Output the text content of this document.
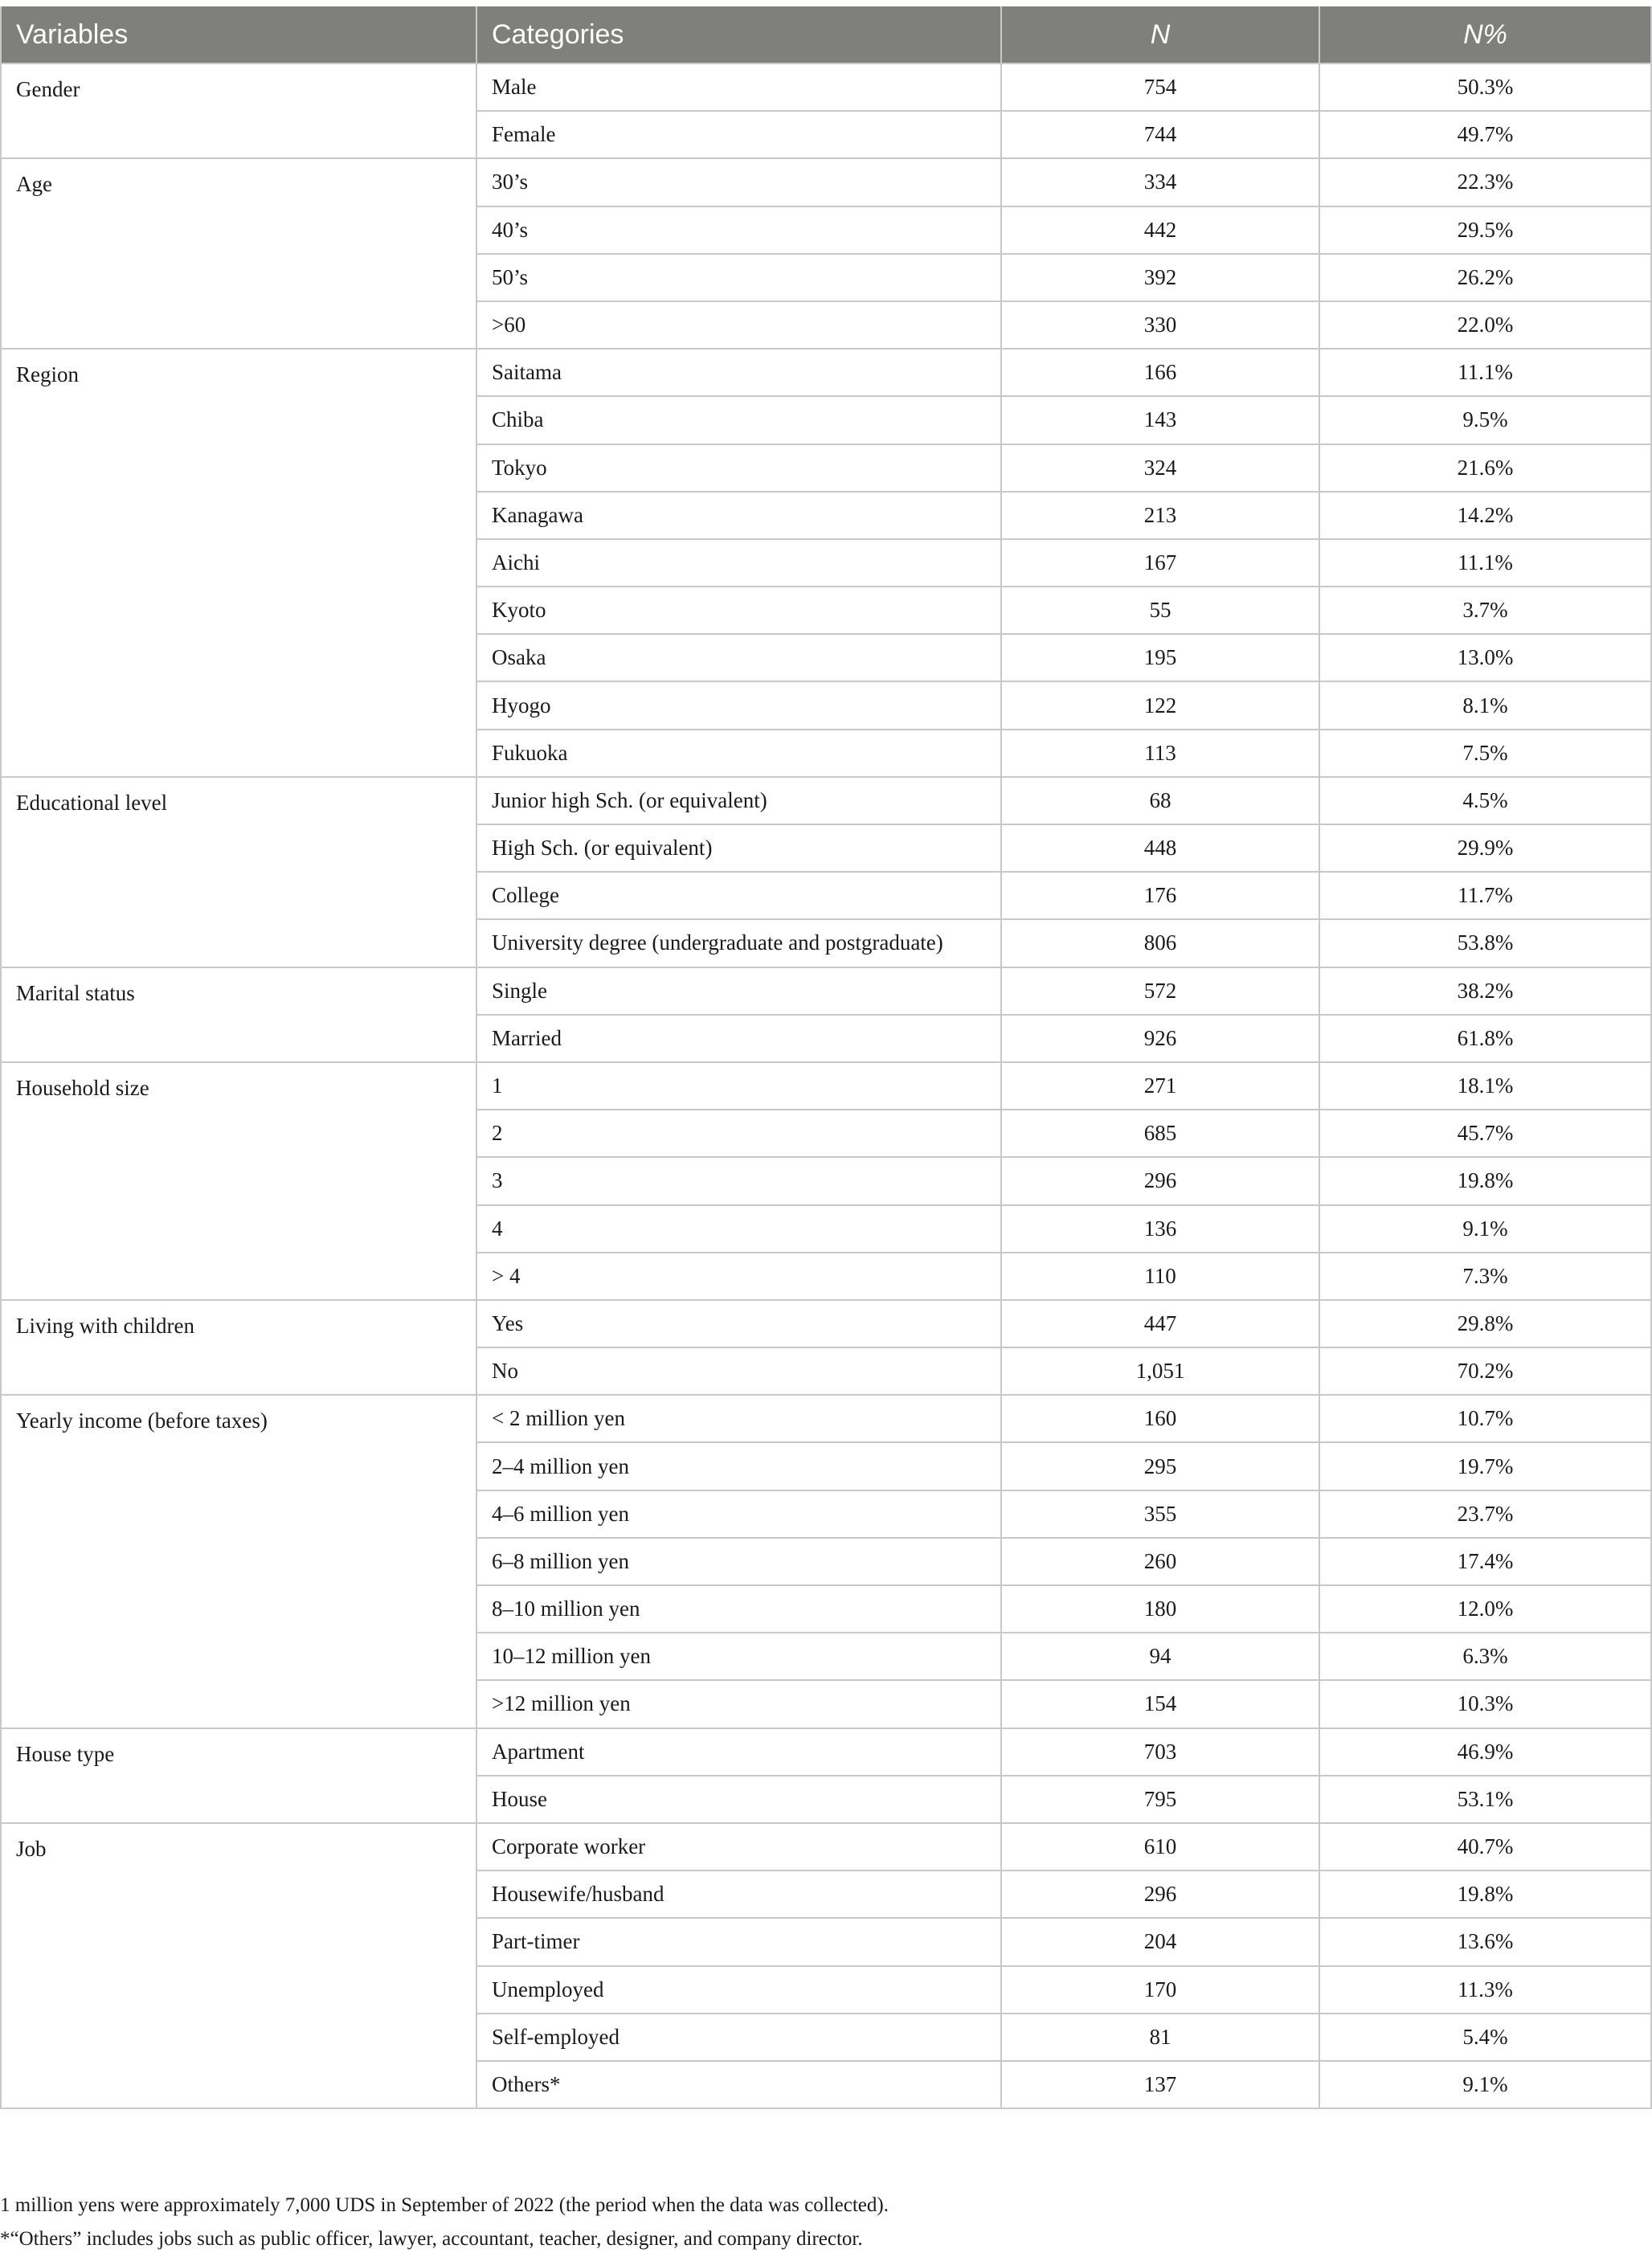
Variables	Categories	N	N%
Gender	Male	754	50.3%
	Female	744	49.7%
Age	30’s	334	22.3%
	40’s	442	29.5%
	50’s	392	26.2%
	>60	330	22.0%
Region	Saitama	166	11.1%
	Chiba	143	9.5%
	Tokyo	324	21.6%
	Kanagawa	213	14.2%
	Aichi	167	11.1%
	Kyoto	55	3.7%
	Osaka	195	13.0%
	Hyogo	122	8.1%
	Fukuoka	113	7.5%
Educational level	Junior high Sch. (or equivalent)	68	4.5%
	High Sch. (or equivalent)	448	29.9%
	College	176	11.7%
	University degree (undergraduate and postgraduate)	806	53.8%
Marital status	Single	572	38.2%
	Married	926	61.8%
Household size	1	271	18.1%
	2	685	45.7%
	3	296	19.8%
	4	136	9.1%
	> 4	110	7.3%
Living with children	Yes	447	29.8%
	No	1,051	70.2%
Yearly income (before taxes)	< 2 million yen	160	10.7%
	2–4 million yen	295	19.7%
	4–6 million yen	355	23.7%
	6–8 million yen	260	17.4%
	8–10 million yen	180	12.0%
	10–12 million yen	94	6.3%
	>12 million yen	154	10.3%
House type	Apartment	703	46.9%
	House	795	53.1%
Job	Corporate worker	610	40.7%
	Housewife/husband	296	19.8%
	Part-timer	204	13.6%
	Unemployed	170	11.3%
	Self-employed	81	5.4%
	Others*	137	9.1%

1 million yens were approximately 7,000 UDS in September of 2022 (the period when the data was collected).

*“Others” includes jobs such as public officer, lawyer, accountant, teacher, designer, and company director.
